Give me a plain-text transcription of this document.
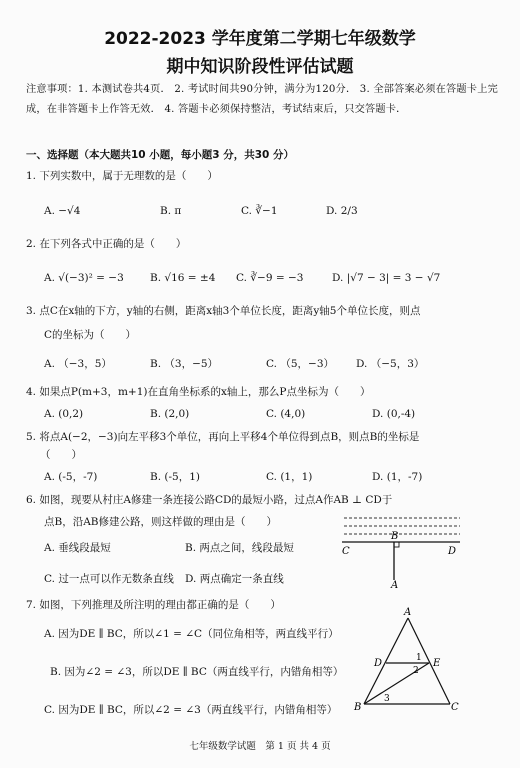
2022-2023 学年度第二学期七年级数学
期中知识阶段性评估试题
注意事项：1. 本测试卷共4页． 2. 考试时间共90分钟，满分为120分． 3. 全部答案必须在答题卡上完成，在非答题卡上作答无效． 4. 答题卡必须保持整洁，考试结束后，只交答题卡．
一、选择题（本大题共10 小题，每小题3 分，共30 分）
1. 下列实数中，属于无理数的是（　　）
A. −√4	B. π	C. ∛−1	D. 2/3
2. 在下列各式中正确的是（　　）
A. √(−3)² = −3 B. √16 = ±4 C. ∛−9 = −3	D. |√7 − 3| = 3 − √7
3. 点C在x轴的下方，y轴的右侧，距离x轴3个单位长度，距离y轴5个单位长度，则点
C的坐标为（　　）
A. （−3，5）	B. （3，−5）	C. （5，−3） D. （−5，3）
4. 如果点P(m+3，m+1)在直角坐标系的x轴上，那么P点坐标为（　　）
A. (0,2)	B. (2,0)	C. (4,0)	D. (0,-4)
5. 将点A(−2，−3)向左平移3个单位，再向上平移4个单位得到点B，则点B的坐标是
（　　）
A. (-5，-7)	B. (-5，1)	C. (1，1)	D. (1，-7)
6. 如图，现要从村庄A修建一条连接公路CD的最短小路，过点A作AB ⊥ CD于
点B，沿AB修建公路，则这样做的理由是（　　）
A. 垂线段最短	B. 两点之间，线段最短
C. 过一点可以作无数条直线 D. 两点确定一条直线
C
B
D
A
7. 如图，下列推理及所注明的理由都正确的是（　　）
A. 因为DE ∥ BC，所以∠1 = ∠C（同位角相等，两直线平行）
B. 因为∠2 = ∠3，所以DE ∥ BC（两直线平行，内错角相等）
C. 因为DE ∥ BC，所以∠2 = ∠3（两直线平行，内错角相等）
A
D	E
B	C
1
2
3
七年级数学试题　第 1 页 共 4 页
